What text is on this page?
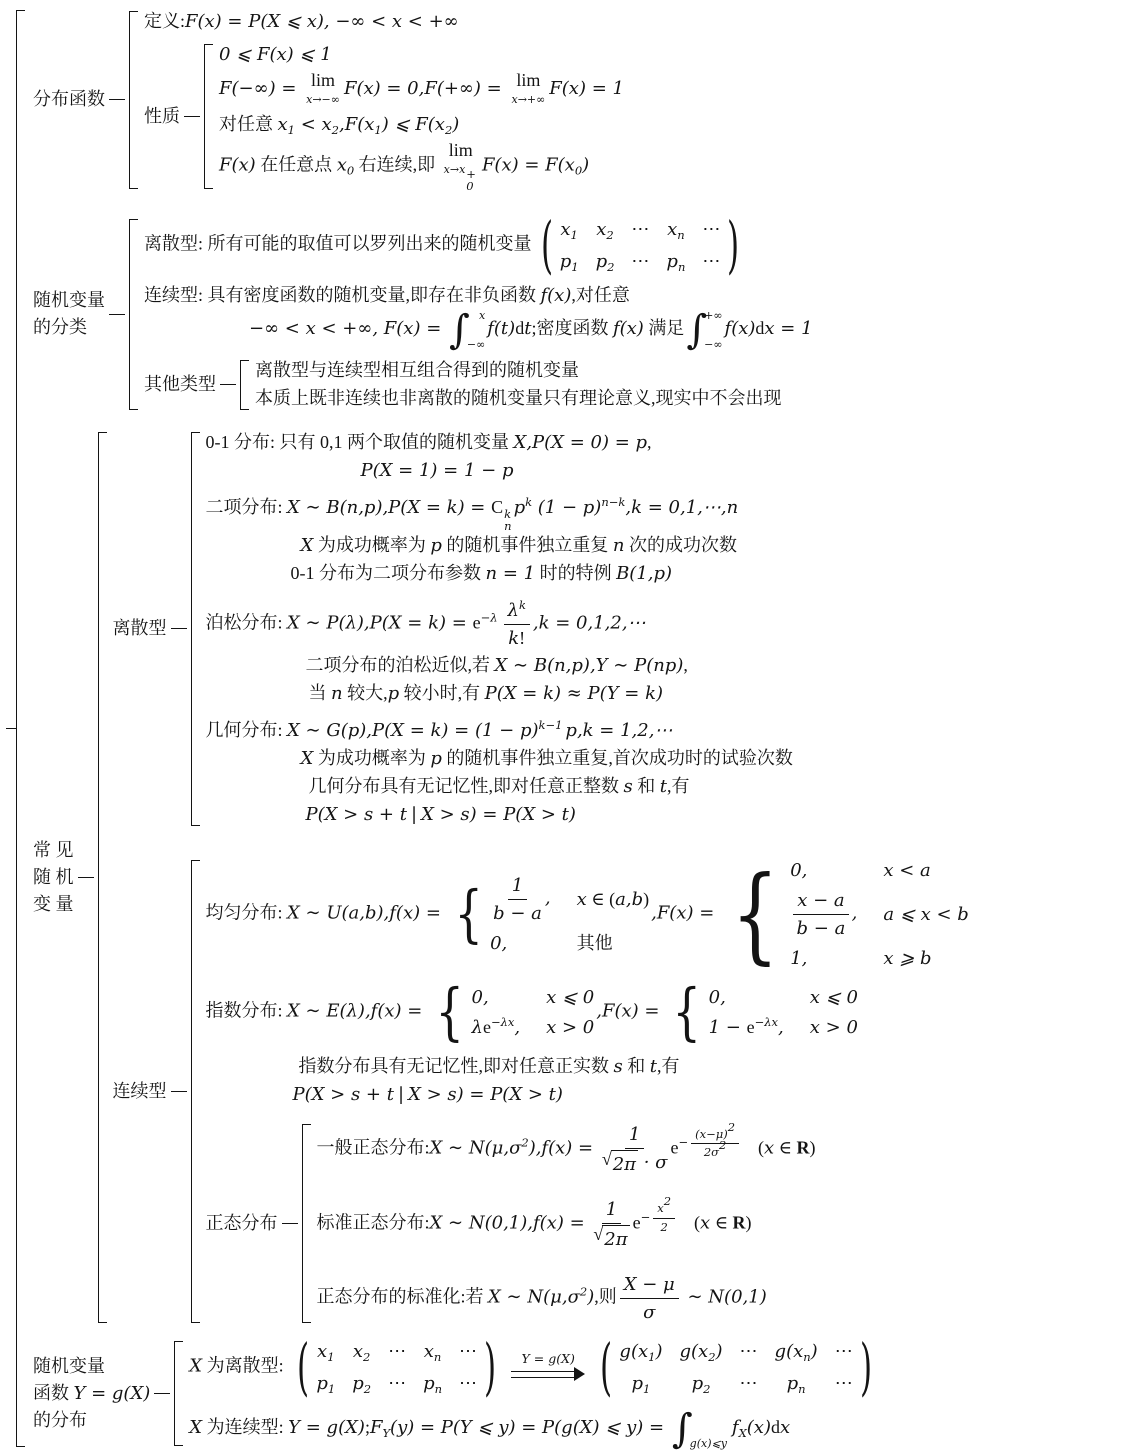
分布函数
定义:F(x) = P(X ⩽ x), −∞ < x < +∞
性质
0 ⩽ F(x) ⩽ 1
F(−∞) = lim
x→−∞
F(x) = 0,F(+∞) = lim
x→+∞
F(x) = 1
对任意 $x_1 < x_2,F(x_1)$ ⩽ $F(x_2)$
F(x) 在任意点 $x_0$ 右连续,即
lim
x→x +
0
$F(x) = F(x_0)$
随机变量
的分类
离散型: 所有可能的取值可以罗列出来的随机变量 ( $x_1$ $x_2$ ⋯ $x_n$ ⋯
$p_1$ $p_2$ ⋯ $p_n$ ⋯ )
连续型: 具有密度函数的随机变量,即存在非负函数 f(x),对任意
−∞ < x < +∞, F(x) = ∫ x
−∞
f(t)dt;密度函数 f(x) 满足 ∫
+∞
−∞
f(x)dx = 1
其他类型
离散型与连续型相互组合得到的随机变量
本质上既非连续也非离散的随机变量只有理论意义,现实中不会出现
常 见
随 机
变 量
离散型
0-1 分布: 只有 0,1 两个取值的随机变量 X,P(X = 0) = p,
P(X = 1) = 1 − p
二项分布: X ∼ B(n,p),P(X = k) = C k
n
$p^k$ $(1 - p)^{n-k},k$ = 0,1,⋯,n
X 为成功概率为 p 的随机事件独立重复 n 次的成功次数
0-1 分布为二项分布参数 n = 1 时的特例 B(1,p)
泊松分布: X ∼ $P(\lambda),P(X = k) = e^{-\lambda} \frac{\lambda^k}{k!} ,k$ = 0,1,2,⋯
二项分布的泊松近似,若 X ∼ B(n,p),Y ∼ P(np),
当 n 较大,p 较小时,有 P(X = k) ≈ P(Y = k)
几何分布: X ∼ $G(p),P(X = k) = (1 - p)^{k-1}$ p,k = 1,2,⋯
X 为成功概率为 p 的随机事件独立重复,首次成功时的试验次数
几何分布具有无记忆性,即对任意正整数 s 和 t,有
P(X > s + t | X > s) = P(X > t)
连续型
均匀分布: X ∼ U(a,b),f(x) = { $\frac{1}{b - a}$ , x ∈ (a,b)
0,	其他
,F(x) = { 0,	x < a
$\frac{x - a}{b - a}$ , a ⩽ x < b
1,	x ⩾ b
指数分布: X ∼ E(λ),f(x) = { 0,	x ⩽ 0
$\lambda e^{-\lambda x}$, x > 0
,F(x) = { 0,	x ⩽ 0
$1 - e^{-\lambda x}$, x > 0
指数分布具有无记忆性,即对任意正实数 s 和 t,有
P(X > s + t | X > s) = P(X > t)
正态分布
一般正态分布:X ∼ $N(\mu,\sigma^2),f(x) = \frac{1}{√ 2\pi \cdot \sigma} e^{- \frac{(x-\mu)^2}{2\sigma^2}}$ (x ∈ R)
标准正态分布:X ∼ $N(0,1),f(x) = \frac{1}{√ 2\pi} e^{- \frac{x^2}{2}}$ (x ∈ R)
正态分布的标准化:若 X ∼ $N(\mu,\sigma^2)$,则 $\frac{X - \mu}{\sigma}$ ∼ N(0,1)
随机变量
函数 Y = g(X)
的分布
X 为离散型: ( $x_1$ $x_2$ ⋯ $x_n$ ⋯
$p_1$ $p_2$ ⋯ $p_n$ ⋯ ) Y = g(X) ( $g(x_1)$ $g(x_2)$ ⋯ $g(x_n)$ ⋯
$p_1$ $p_2$ ⋯ $p_n$ ⋯ )
X 为连续型: $Y = g(X);F_Y(y) = P(Y$ ⩽ y) = P(g(X) ⩽ y) = ∫
g(x)⩽y
$f_X(x)dx$
